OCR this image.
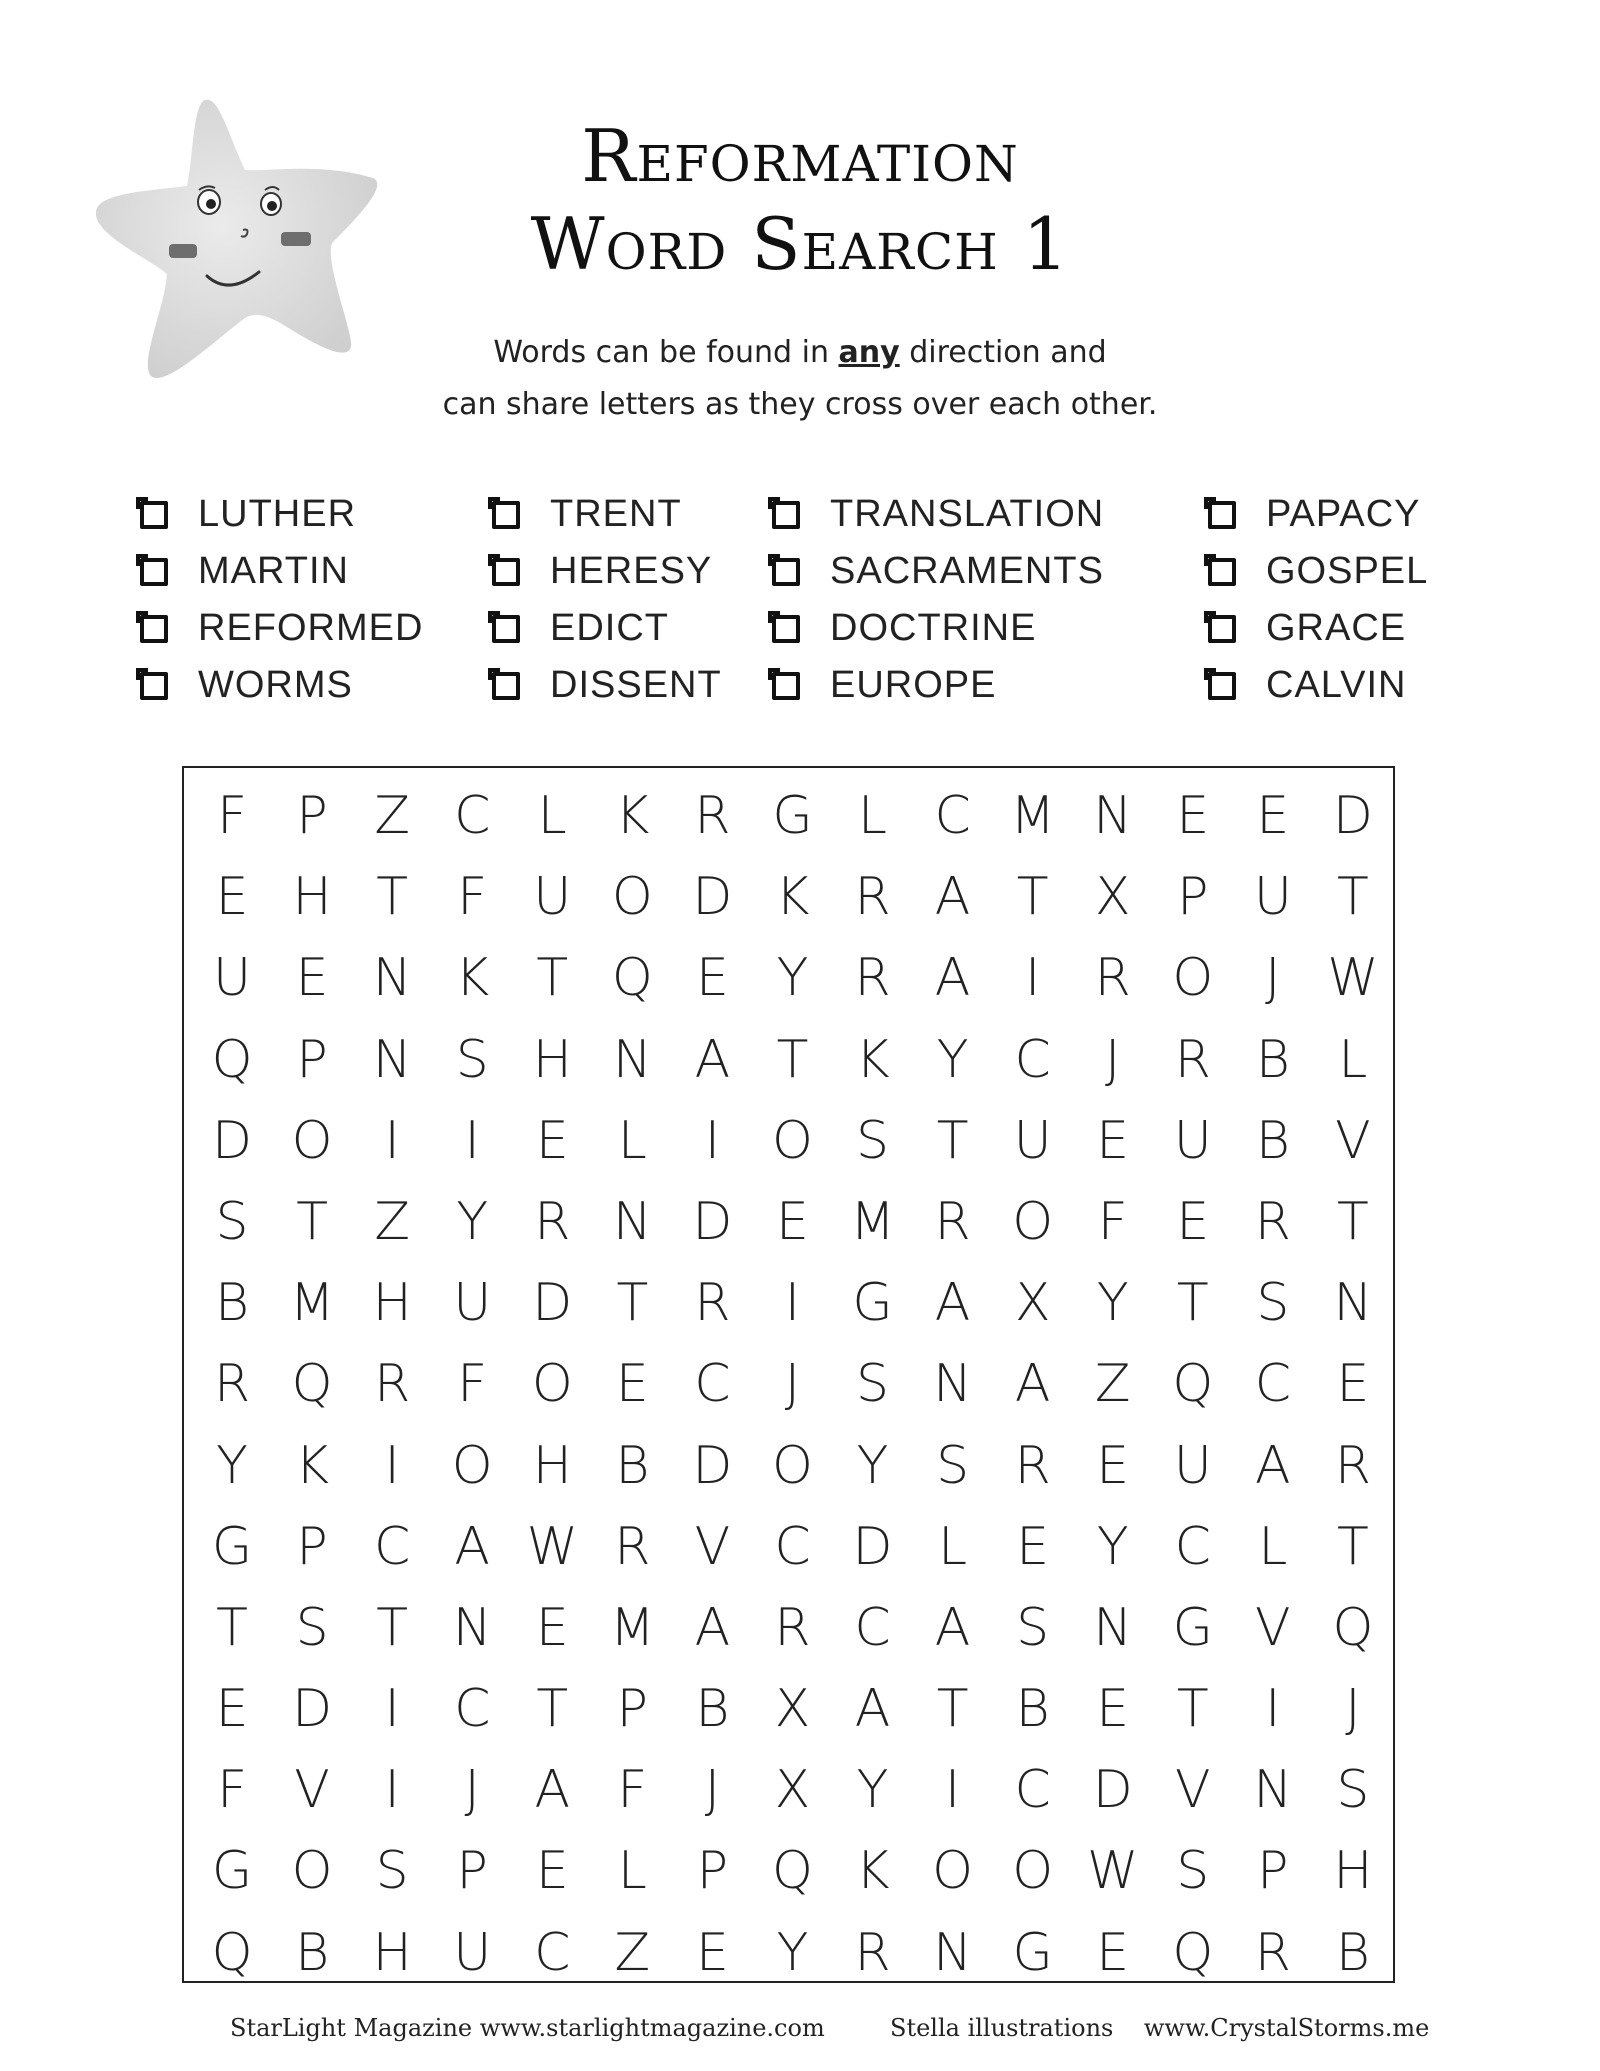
Reformation
Word Search 1
Words can be found in any direction and
can share letters as they cross over each other.
LUTHER
MARTIN
REFORMED
WORMS
TRENT
HERESY
EDICT
DISSENT
TRANSLATION
SACRAMENTS
DOCTRINE
EUROPE
PAPACY
GOSPEL
GRACE
CALVIN
F P Z C L K R G L C M N E E D
E H T F U O D K R A T X P U T
U E N K T Q E Y R A	I	R O J W
Q P N S H N A T K Y C	J	R B L
D O I	I	E L	I O S T U E U B V
S T Z Y R N D E M R O F E R T
B M H U D T R	I	G A X Y T S N
R Q R F O E C	J	S N A Z Q C E
Y K	I O H B D O Y S R E U A R
G P C A W R V C D L E Y C L T
T S T N E M A R C A S N G V Q
E D	I	C T P B X A T B E T	I	J
F V	I	J	A F	J	X Y	I	C D V N S
G O S P E L P Q K O O W S P H
Q B H U C Z E Y R N G E Q R B
StarLight Magazine www.starlightmagazine.com	Stella illustrations    www.CrystalStorms.me
